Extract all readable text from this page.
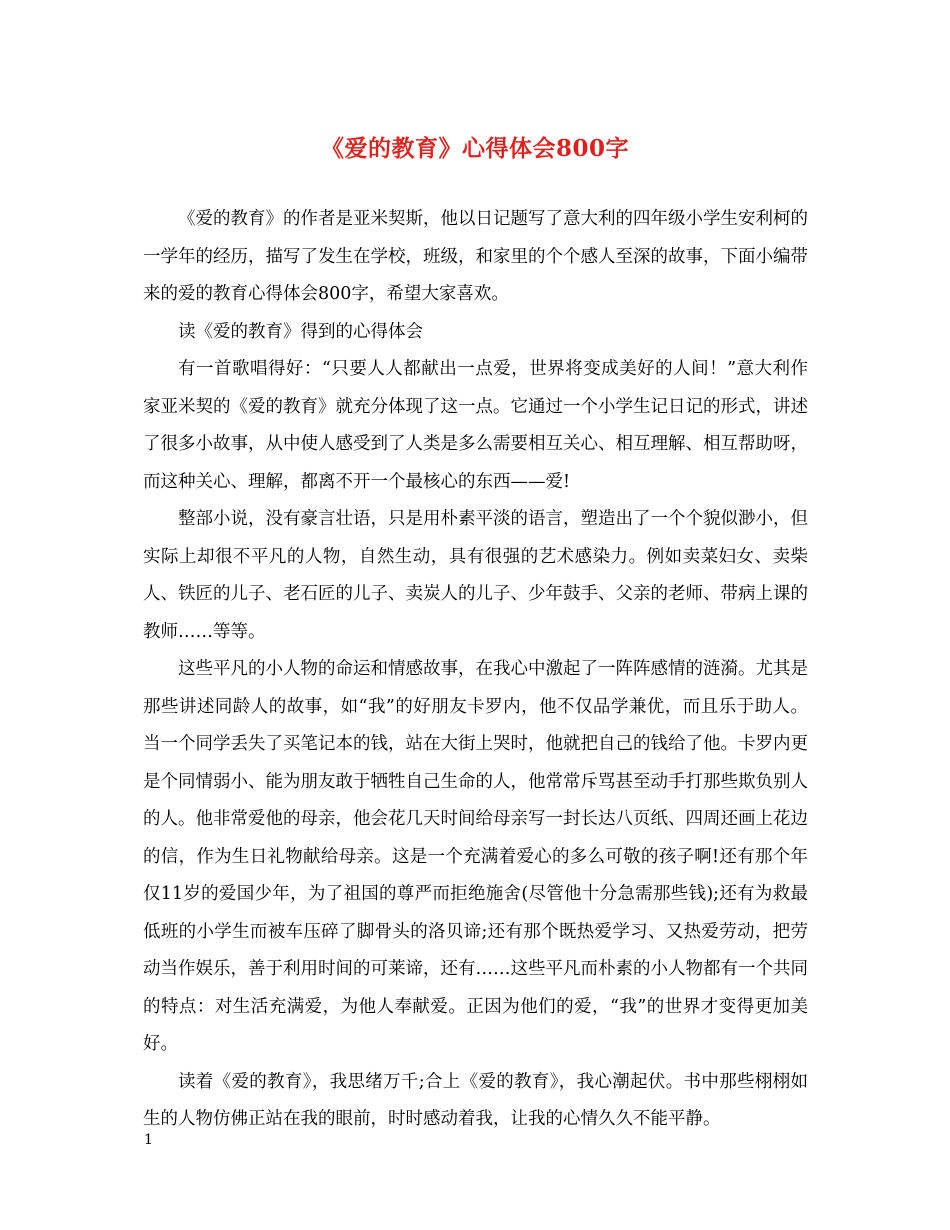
《爱的教育》心得体会800字

《爱的教育》的作者是亚米契斯，他以日记题写了意大利的四年级小学生安利柯的一学年的经历，描写了发生在学校，班级，和家里的个个感人至深的故事，下面小编带来的爱的教育心得体会800字，希望大家喜欢。

读《爱的教育》得到的心得体会

有一首歌唱得好：“只要人人都献出一点爱，世界将变成美好的人间！”意大利作家亚米契的《爱的教育》就充分体现了这一点。它通过一个小学生记日记的形式，讲述了很多小故事，从中使人感受到了人类是多么需要相互关心、相互理解、相互帮助呀，而这种关心、理解，都离不开一个最核心的东西——爱!

整部小说，没有豪言壮语，只是用朴素平淡的语言，塑造出了一个个貌似渺小，但实际上却很不平凡的人物，自然生动，具有很强的艺术感染力。例如卖菜妇女、卖柴人、铁匠的儿子、老石匠的儿子、卖炭人的儿子、少年鼓手、父亲的老师、带病上课的教师……等等。

这些平凡的小人物的命运和情感故事，在我心中激起了一阵阵感情的涟漪。尤其是那些讲述同龄人的故事，如“我”的好朋友卡罗内，他不仅品学兼优，而且乐于助人。当一个同学丢失了买笔记本的钱，站在大街上哭时，他就把自己的钱给了他。卡罗内更是个同情弱小、能为朋友敢于牺牲自己生命的人，他常常斥骂甚至动手打那些欺负别人的人。他非常爱他的母亲，他会花几天时间给母亲写一封长达八页纸、四周还画上花边的信，作为生日礼物献给母亲。这是一个充满着爱心的多么可敬的孩子啊!还有那个年仅11岁的爱国少年，为了祖国的尊严而拒绝施舍(尽管他十分急需那些钱);还有为救最低班的小学生而被车压碎了脚骨头的洛贝谛;还有那个既热爱学习、又热爱劳动，把劳动当作娱乐，善于利用时间的可莱谛，还有……这些平凡而朴素的小人物都有一个共同的特点：对生活充满爱，为他人奉献爱。正因为他们的爱，“我”的世界才变得更加美好。

读着《爱的教育》，我思绪万千;合上《爱的教育》，我心潮起伏。书中那些栩栩如生的人物仿佛正站在我的眼前，时时感动着我，让我的心情久久不能平静。

1
